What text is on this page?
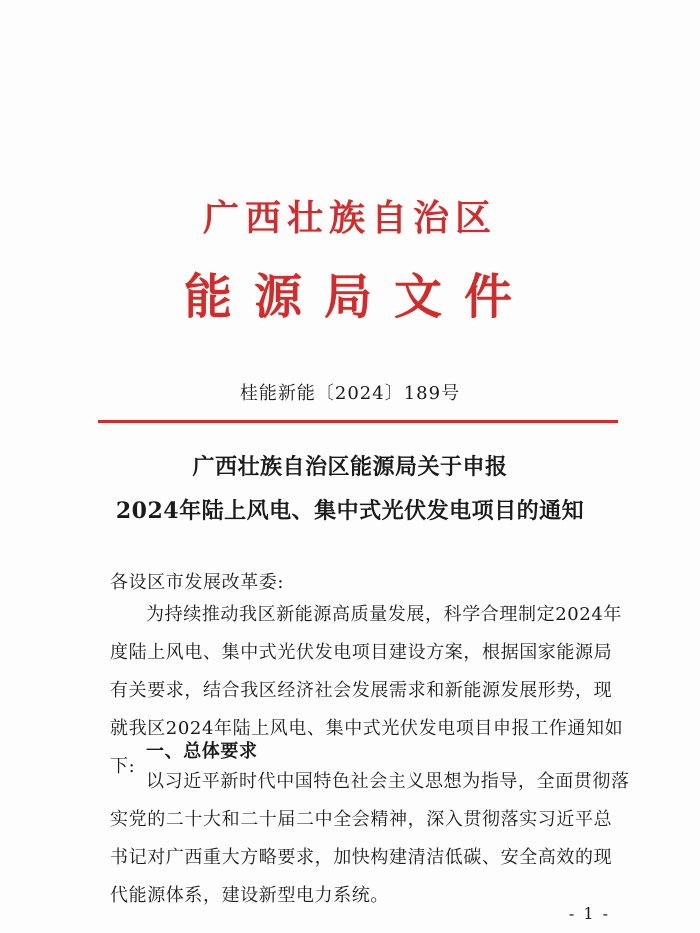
广西壮族自治区
能源局文件
桂能新能〔2024〕189号
广西壮族自治区能源局关于申报
2024年陆上风电、集中式光伏发电项目的通知

各设区市发展改革委:

为持续推动我区新能源高质量发展，科学合理制定2024年度陆上风电、集中式光伏发电项目建设方案，根据国家能源局有关要求，结合我区经济社会发展需求和新能源发展形势，现就我区2024年陆上风电、集中式光伏发电项目申报工作通知如下:

一、总体要求

以习近平新时代中国特色社会主义思想为指导，全面贯彻落实党的二十大和二十届二中全会精神，深入贯彻落实习近平总书记对广西重大方略要求，加快构建清洁低碳、安全高效的现代能源体系，建设新型电力系统。

- 1 -
